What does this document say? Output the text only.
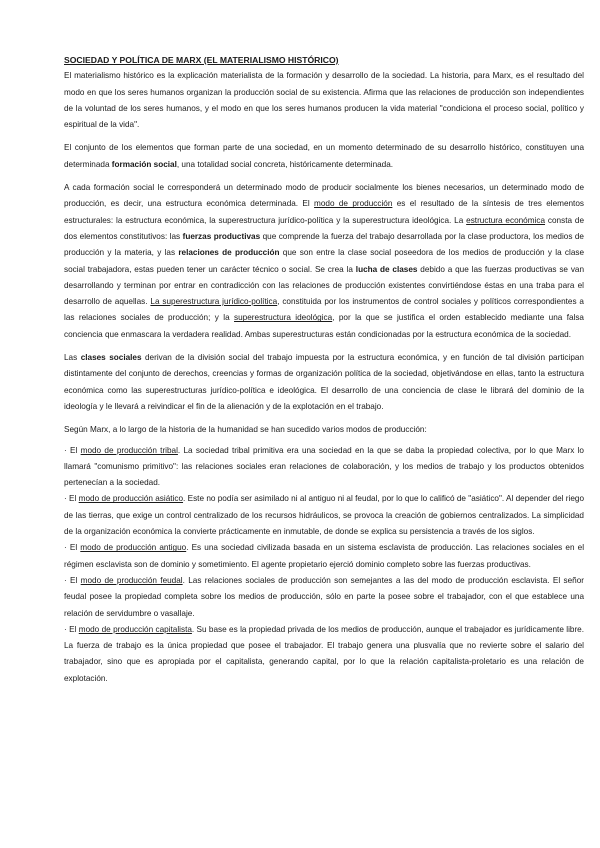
SOCIEDAD Y POLÍTICA DE MARX (EL MATERIALISMO HISTÓRICO)

El materialismo histórico es la explicación materialista de la formación y desarrollo de la sociedad. La historia, para Marx, es el resultado del modo en que los seres humanos organizan la producción social de su existencia. Afirma que las relaciones de producción son independientes de la voluntad de los seres humanos, y el modo en que los seres humanos producen la vida material "condiciona el proceso social, político y espiritual de la vida".

El conjunto de los elementos que forman parte de una sociedad, en un momento determinado de su desarrollo histórico, constituyen una determinada formación social, una totalidad social concreta, históricamente determinada.

A cada formación social le corresponderá un determinado modo de producir socialmente los bienes necesarios, un determinado modo de producción, es decir, una estructura económica determinada. El modo de producción es el resultado de la síntesis de tres elementos estructurales: la estructura económica, la superestructura jurídico-política y la superestructura ideológica. La estructura económica consta de dos elementos constitutivos: las fuerzas productivas que comprende la fuerza del trabajo desarrollada por la clase productora, los medios de producción y la materia, y las relaciones de producción que son entre la clase social poseedora de los medios de producción y la clase social trabajadora, estas pueden tener un carácter técnico o social. Se crea la lucha de clases debido a que las fuerzas productivas se van desarrollando y terminan por entrar en contradicción con las relaciones de producción existentes convirtiéndose éstas en una traba para el desarrollo de aquellas. La superestructura jurídico-política, constituida por los instrumentos de control sociales y políticos correspondientes a las relaciones sociales de producción; y la superestructura ideológica, por la que se justifica el orden establecido mediante una falsa conciencia que enmascara la verdadera realidad. Ambas superestructuras están condicionadas por la estructura económica de la sociedad.

Las clases sociales derivan de la división social del trabajo impuesta por la estructura económica, y en función de tal división participan distintamente del conjunto de derechos, creencias y formas de organización política de la sociedad, objetivándose en ellas, tanto la estructura económica como las superestructuras jurídico-política e ideológica. El desarrollo de una conciencia de clase le librará del dominio de la ideología y le llevará a reivindicar el fin de la alienación y de la explotación en el trabajo.

Según Marx, a lo largo de la historia de la humanidad se han sucedido varios modos de producción:

· El modo de producción tribal. La sociedad tribal primitiva era una sociedad en la que se daba la propiedad colectiva, por lo que Marx lo llamará "comunismo primitivo": las relaciones sociales eran relaciones de colaboración, y los medios de trabajo y los productos obtenidos pertenecían a la sociedad.
· El modo de producción asiático. Este no podía ser asimilado ni al antiguo ni al feudal, por lo que lo calificó de "asiático". Al depender del riego de las tierras, que exige un control centralizado de los recursos hidráulicos, se provoca la creación de gobiernos centralizados. La simplicidad de la organización económica la convierte prácticamente en inmutable, de donde se explica su persistencia a través de los siglos.
· El modo de producción antiguo. Es una sociedad civilizada basada en un sistema esclavista de producción. Las relaciones sociales en el régimen esclavista son de dominio y sometimiento. El agente propietario ejerció dominio completo sobre las fuerzas productivas.
· El modo de producción feudal. Las relaciones sociales de producción son semejantes a las del modo de producción esclavista. El señor feudal posee la propiedad completa sobre los medios de producción, sólo en parte la posee sobre el trabajador, con el que establece una relación de servidumbre o vasallaje.
· El modo de producción capitalista. Su base es la propiedad privada de los medios de producción, aunque el trabajador es jurídicamente libre. La fuerza de trabajo es la única propiedad que posee el trabajador. El trabajo genera una plusvalía que no revierte sobre el salario del trabajador, sino que es apropiada por el capitalista, generando capital, por lo que la relación capitalista-proletario es una relación de explotación.
